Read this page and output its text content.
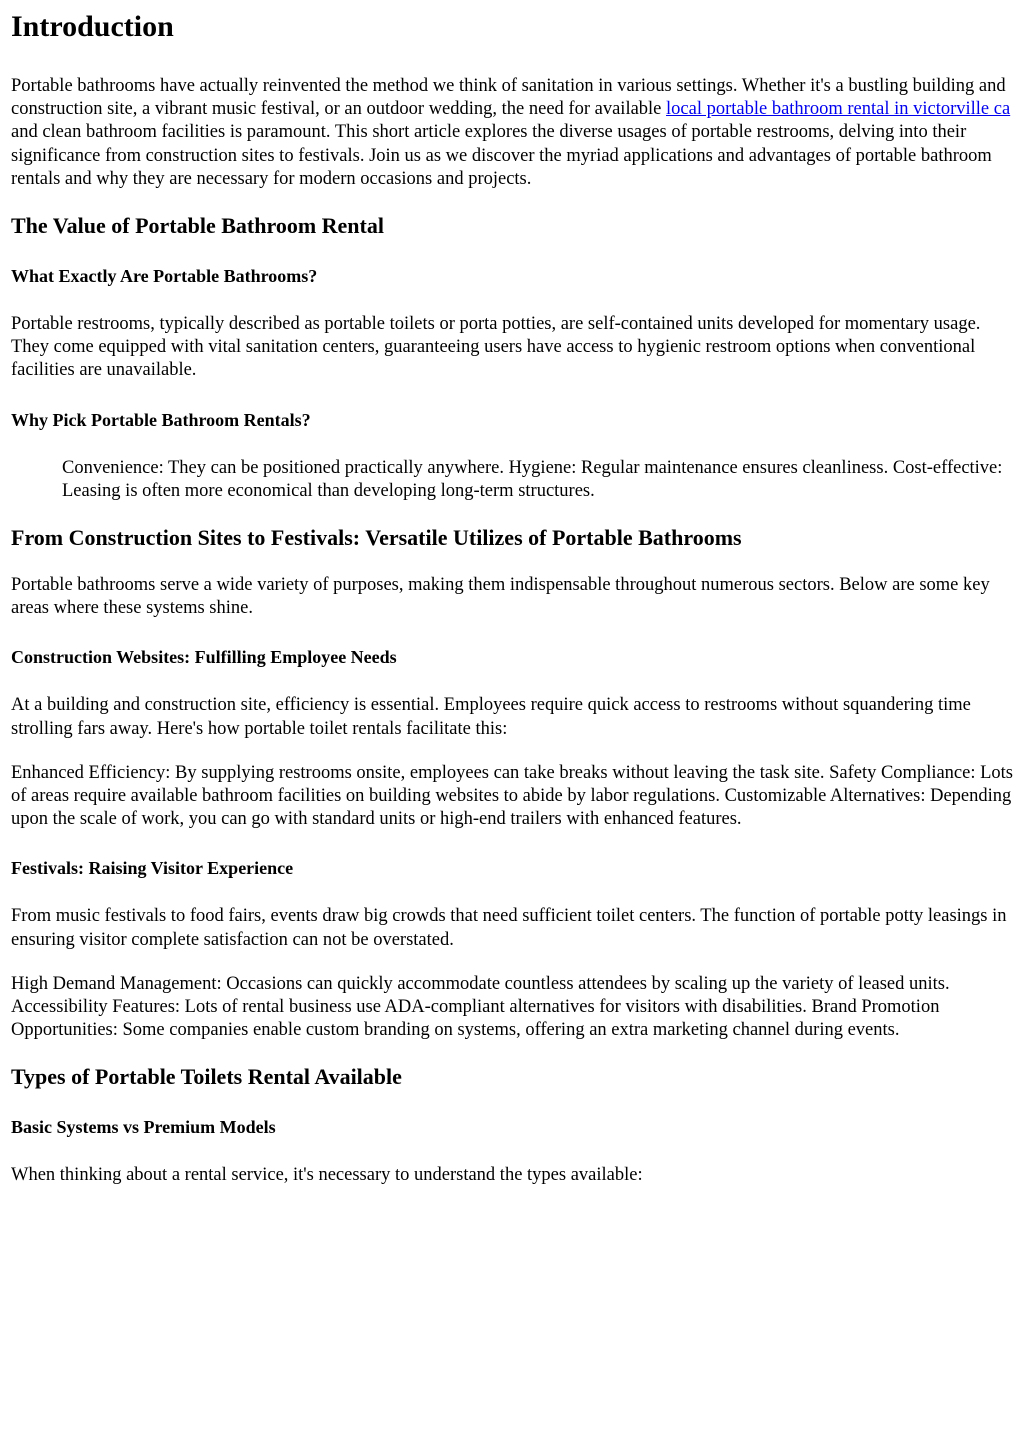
Introduction

Portable bathrooms have actually reinvented the method we think of sanitation in various settings. Whether it's a bustling building and construction site, a vibrant music festival, or an outdoor wedding, the need for available local portable bathroom rental in victorville ca and clean bathroom facilities is paramount. This short article explores the diverse usages of portable restrooms, delving into their significance from construction sites to festivals. Join us as we discover the myriad applications and advantages of portable bathroom rentals and why they are necessary for modern occasions and projects.

The Value of Portable Bathroom Rental
What Exactly Are Portable Bathrooms?

Portable restrooms, typically described as portable toilets or porta potties, are self-contained units developed for momentary usage. They come equipped with vital sanitation centers, guaranteeing users have access to hygienic restroom options when conventional facilities are unavailable.

Why Pick Portable Bathroom Rentals?

Convenience: They can be positioned practically anywhere. Hygiene: Regular maintenance ensures cleanliness. Cost-effective: Leasing is often more economical than developing long-term structures.

From Construction Sites to Festivals: Versatile Utilizes of Portable Bathrooms

Portable bathrooms serve a wide variety of purposes, making them indispensable throughout numerous sectors. Below are some key areas where these systems shine.

Construction Websites: Fulfilling Employee Needs

At a building and construction site, efficiency is essential. Employees require quick access to restrooms without squandering time strolling fars away. Here's how portable toilet rentals facilitate this:

Enhanced Efficiency: By supplying restrooms onsite, employees can take breaks without leaving the task site. Safety Compliance: Lots of areas require available bathroom facilities on building websites to abide by labor regulations. Customizable Alternatives: Depending upon the scale of work, you can go with standard units or high-end trailers with enhanced features.

Festivals: Raising Visitor Experience

From music festivals to food fairs, events draw big crowds that need sufficient toilet centers. The function of portable potty leasings in ensuring visitor complete satisfaction can not be overstated.

High Demand Management: Occasions can quickly accommodate countless attendees by scaling up the variety of leased units. Accessibility Features: Lots of rental business use ADA-compliant alternatives for visitors with disabilities. Brand Promotion Opportunities: Some companies enable custom branding on systems, offering an extra marketing channel during events.

Types of Portable Toilets Rental Available
Basic Systems vs Premium Models

When thinking about a rental service, it's necessary to understand the types available:
